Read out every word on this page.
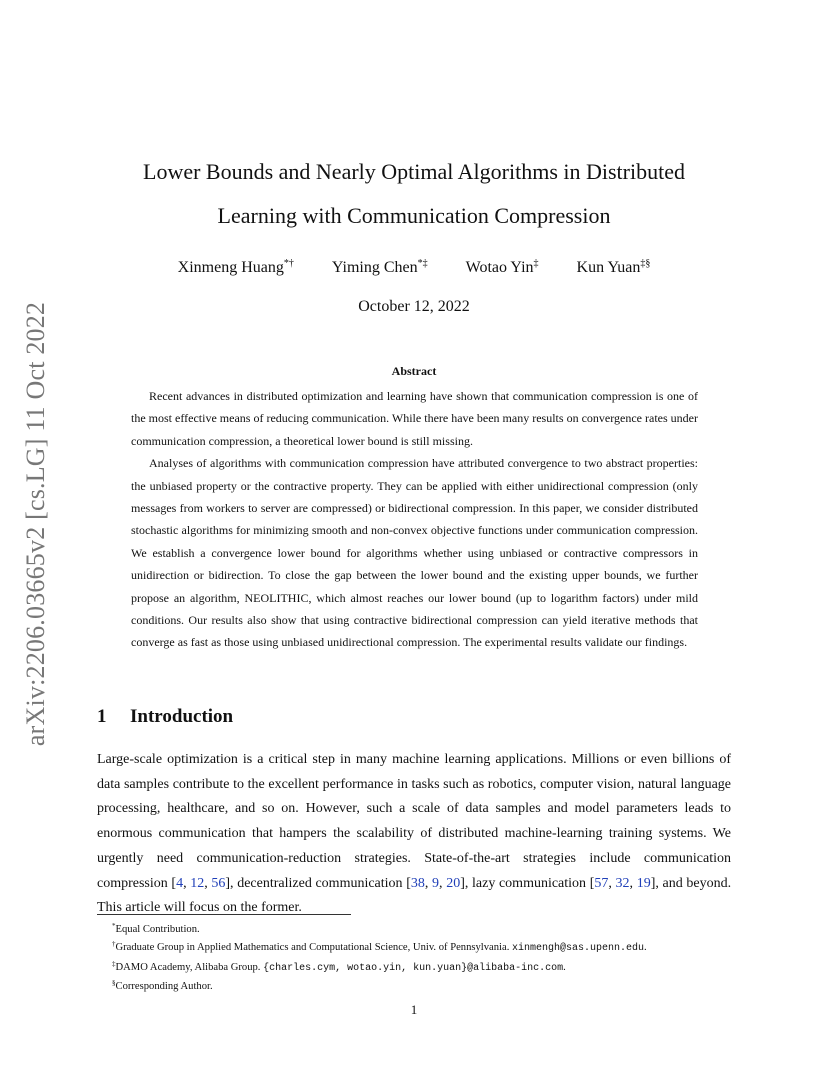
arXiv:2206.03665v2 [cs.LG] 11 Oct 2022
Lower Bounds and Nearly Optimal Algorithms in Distributed
Learning with Communication Compression
Xinmeng Huang*† Yiming Chen*‡ Wotao Yin‡ Kun Yuan‡§
October 12, 2022
Abstract

Recent advances in distributed optimization and learning have shown that communication compression is one of the most effective means of reducing communication. While there have been many results on convergence rates under communication compression, a theoretical lower bound is still missing.

Analyses of algorithms with communication compression have attributed convergence to two abstract properties: the unbiased property or the contractive property. They can be applied with either unidirectional compression (only messages from workers to server are compressed) or bidirectional compression. In this paper, we consider distributed stochastic algorithms for minimizing smooth and non-convex objective functions under communication compression. We establish a convergence lower bound for algorithms whether using unbiased or contractive compressors in unidirection or bidirection. To close the gap between the lower bound and the existing upper bounds, we further propose an algorithm, NEOLITHIC, which almost reaches our lower bound (up to logarithm factors) under mild conditions. Our results also show that using contractive bidirectional compression can yield iterative methods that converge as fast as those using unbiased unidirectional compression. The experimental results validate our findings.

1 Introduction

Large-scale optimization is a critical step in many machine learning applications. Millions or even billions of data samples contribute to the excellent performance in tasks such as robotics, computer vision, natural language processing, healthcare, and so on. However, such a scale of data samples and model parameters leads to enormous communication that hampers the scalability of distributed machine-learning training systems. We urgently need communication-reduction strategies. State-of-the-art strategies include communication compression [4, 12, 56], decentralized communication [38, 9, 20], lazy communication [57, 32, 19], and beyond. This article will focus on the former.

*Equal Contribution.
†Graduate Group in Applied Mathematics and Computational Science, Univ. of Pennsylvania. xinmengh@sas.upenn.edu.
‡DAMO Academy, Alibaba Group. {charles.cym, wotao.yin, kun.yuan}@alibaba-inc.com.
§Corresponding Author.
1
